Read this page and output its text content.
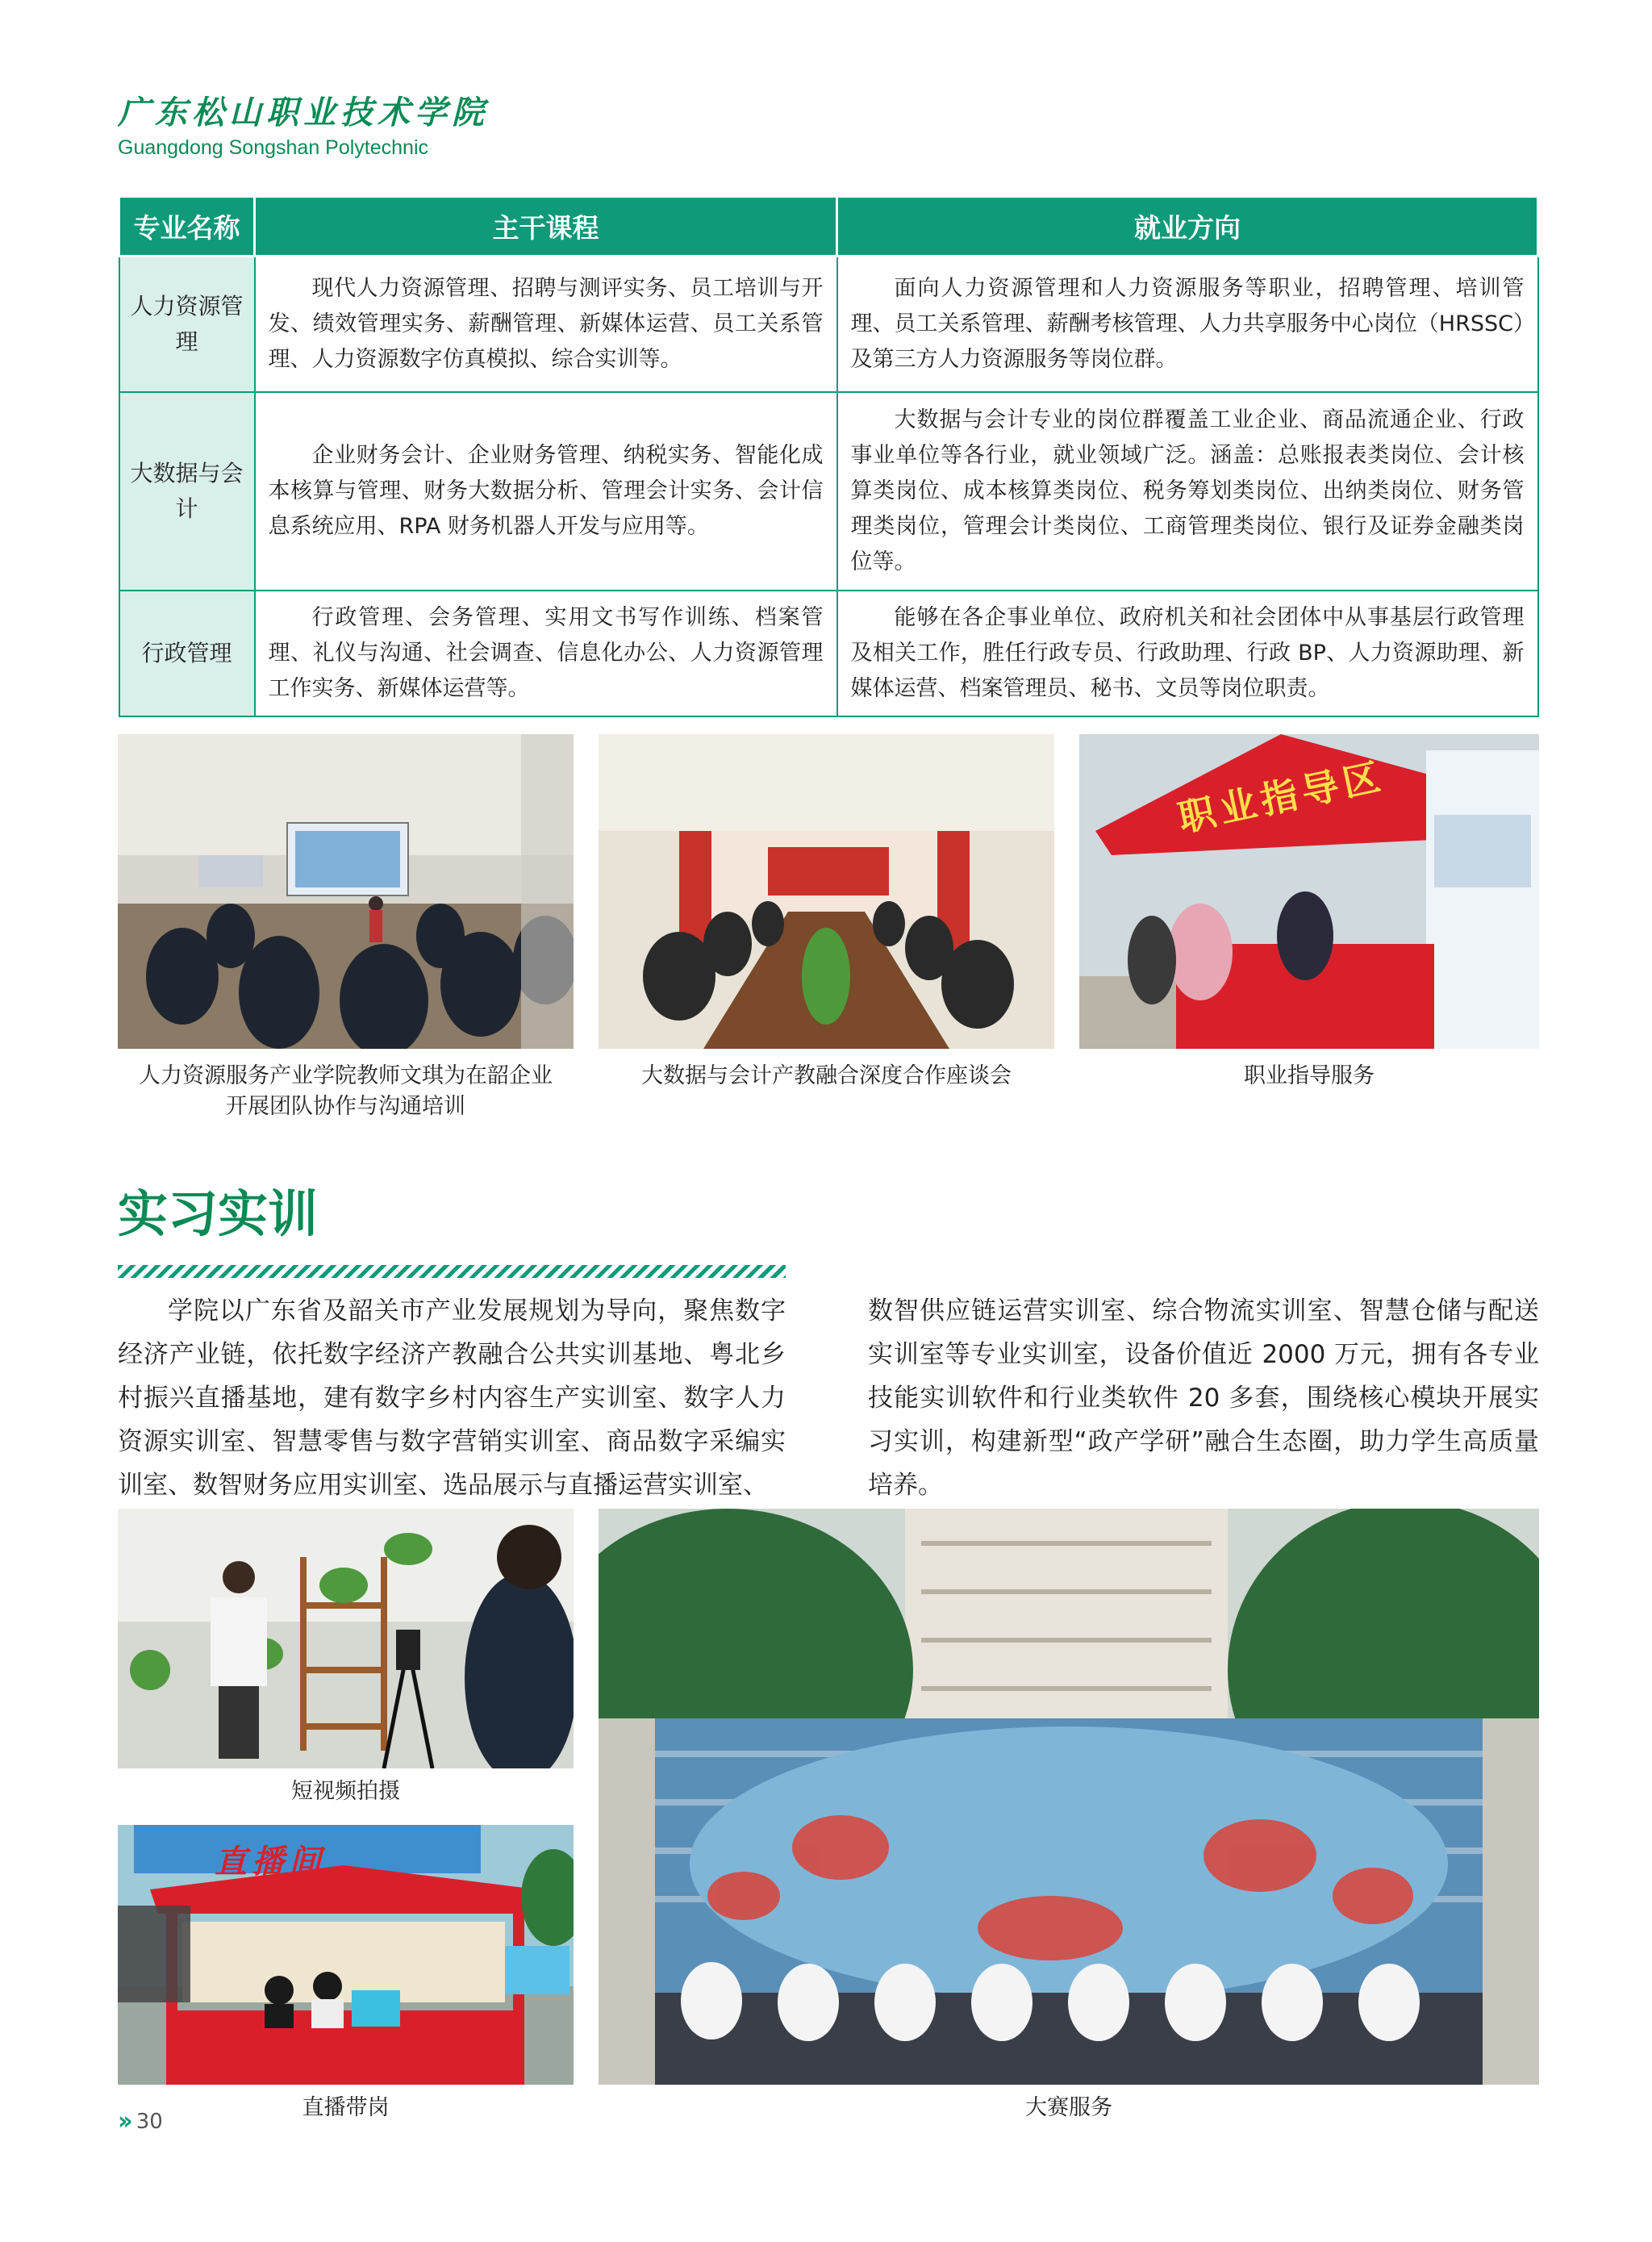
广东松山职业技术学院
Guangdong Songshan Polytechnic
专业名称	主干课程	就业方向
人力资源管理	现代人力资源管理、招聘与测评实务、员工培训与开发、绩效管理实务、薪酬管理、新媒体运营、员工关系管理、人力资源数字仿真模拟、综合实训等。	面向人力资源管理和人力资源服务等职业，招聘管理、培训管理、员工关系管理、薪酬考核管理、人力共享服务中心岗位（HRSSC）及第三方人力资源服务等岗位群。
大数据与会计	企业财务会计、企业财务管理、纳税实务、智能化成本核算与管理、财务大数据分析、管理会计实务、会计信息系统应用、RPA 财务机器人开发与应用等。	大数据与会计专业的岗位群覆盖工业企业、商品流通企业、行政事业单位等各行业，就业领域广泛。涵盖：总账报表类岗位、会计核算类岗位、成本核算类岗位、税务筹划类岗位、出纳类岗位、财务管理类岗位，管理会计类岗位、工商管理类岗位、银行及证券金融类岗位等。
行政管理	行政管理、会务管理、实用文书写作训练、档案管理、礼仪与沟通、社会调查、信息化办公、人力资源管理工作实务、新媒体运营等。	能够在各企事业单位、政府机关和社会团体中从事基层行政管理及相关工作，胜任行政专员、行政助理、行政 BP、人力资源助理、新媒体运营、档案管理员、秘书、文员等岗位职责。
职业指导区
人力资源服务产业学院教师文琪为在韶企业开展团队协作与沟通培训
大数据与会计产教融合深度合作座谈会	职业指导服务
实习实训
学院以广东省及韶关市产业发展规划为导向，聚焦数字经济产业链，依托数字经济产教融合公共实训基地、粤北乡村振兴直播基地，建有数字乡村内容生产实训室、数字人力资源实训室、智慧零售与数字营销实训室、商品数字采编实训室、数智财务应用实训室、选品展示与直播运营实训室、
数智供应链运营实训室、综合物流实训室、智慧仓储与配送实训室等专业实训室，设备价值近 2000 万元，拥有各专业技能实训软件和行业类软件 20 多套，围绕核心模块开展实习实训，构建新型“政产学研”融合生态圈，助力学生高质量培养。
短视频拍摄
直播间
直播带岗	大赛服务
›› 30
